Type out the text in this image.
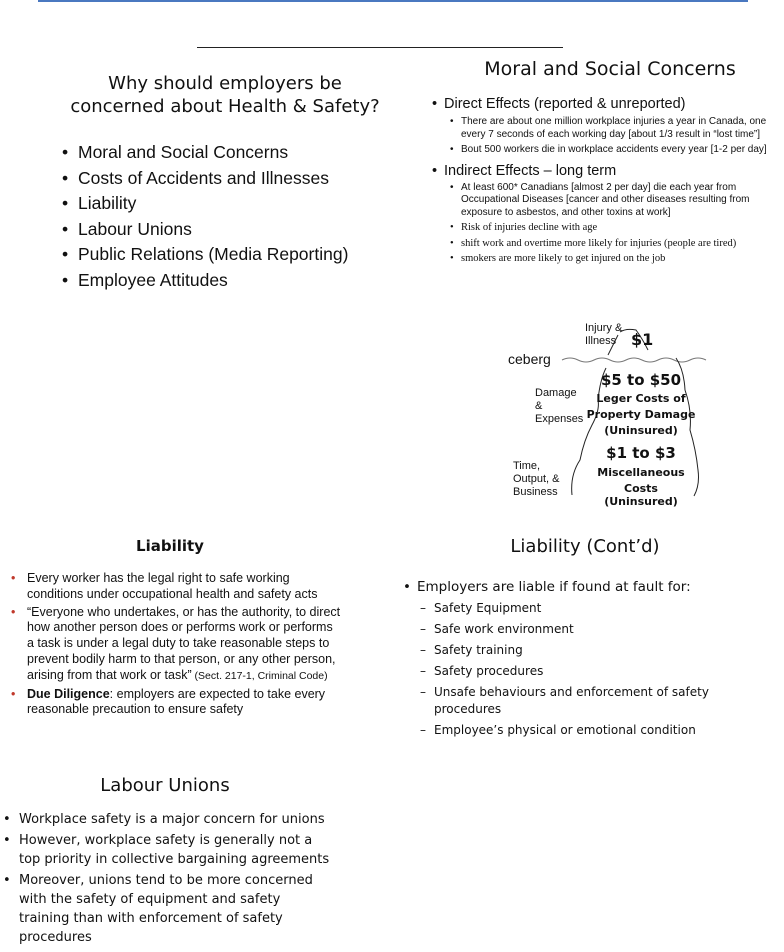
Why should employers be concerned about Health & Safety?
• Moral and Social Concerns
• Costs of Accidents and Illnesses
• Liability
• Labour Unions
• Public Relations (Media Reporting)
• Employee Attitudes
Moral and Social Concerns
• Direct Effects (reported & unreported)
• There are about one million workplace injuries a year in Canada, one every 7 seconds of each working day [about 1/3 result in “lost time”]
• Bout 500 workers die in workplace accidents every year [1-2 per day]
• Indirect Effects – long term
• At least 600* Canadians [almost 2 per day] die each year from Occupational Diseases [cancer and other diseases resulting from exposure to asbestos, and other toxins at work]
• Risk of injuries decline with age
• shift work and overtime more likely for injuries (people are tired)
• smokers are more likely to get injured on the job
Injury &
Illness $1
ceberg
Damage
&
Expenses
$5 to $50
Leger Costs of
Property Damage
(Uninsured)
Time,
Output, &
Business
$1 to $3
Miscellaneous
Costs (Uninsured)
Liability
• Every worker has the legal right to safe working conditions under occupational health and safety acts
• “Everyone who undertakes, or has the authority, to direct how another person does or performs work or performs a task is under a legal duty to take reasonable steps to prevent bodily harm to that person, or any other person, arising from that work or task” (Sect. 217-1, Criminal Code)
• Due Diligence: employers are expected to take every reasonable precaution to ensure safety
Liability (Cont’d)
• Employers are liable if found at fault for:
– Safety Equipment
– Safe work environment
– Safety training
– Safety procedures
– Unsafe behaviours and enforcement of safety procedures
– Employee’s physical or emotional condition
Labour Unions
• Workplace safety is a major concern for unions
• However, workplace safety is generally not a top priority in collective bargaining agreements
• Moreover, unions tend to be more concerned with the safety of equipment and safety training than with enforcement of safety procedures
